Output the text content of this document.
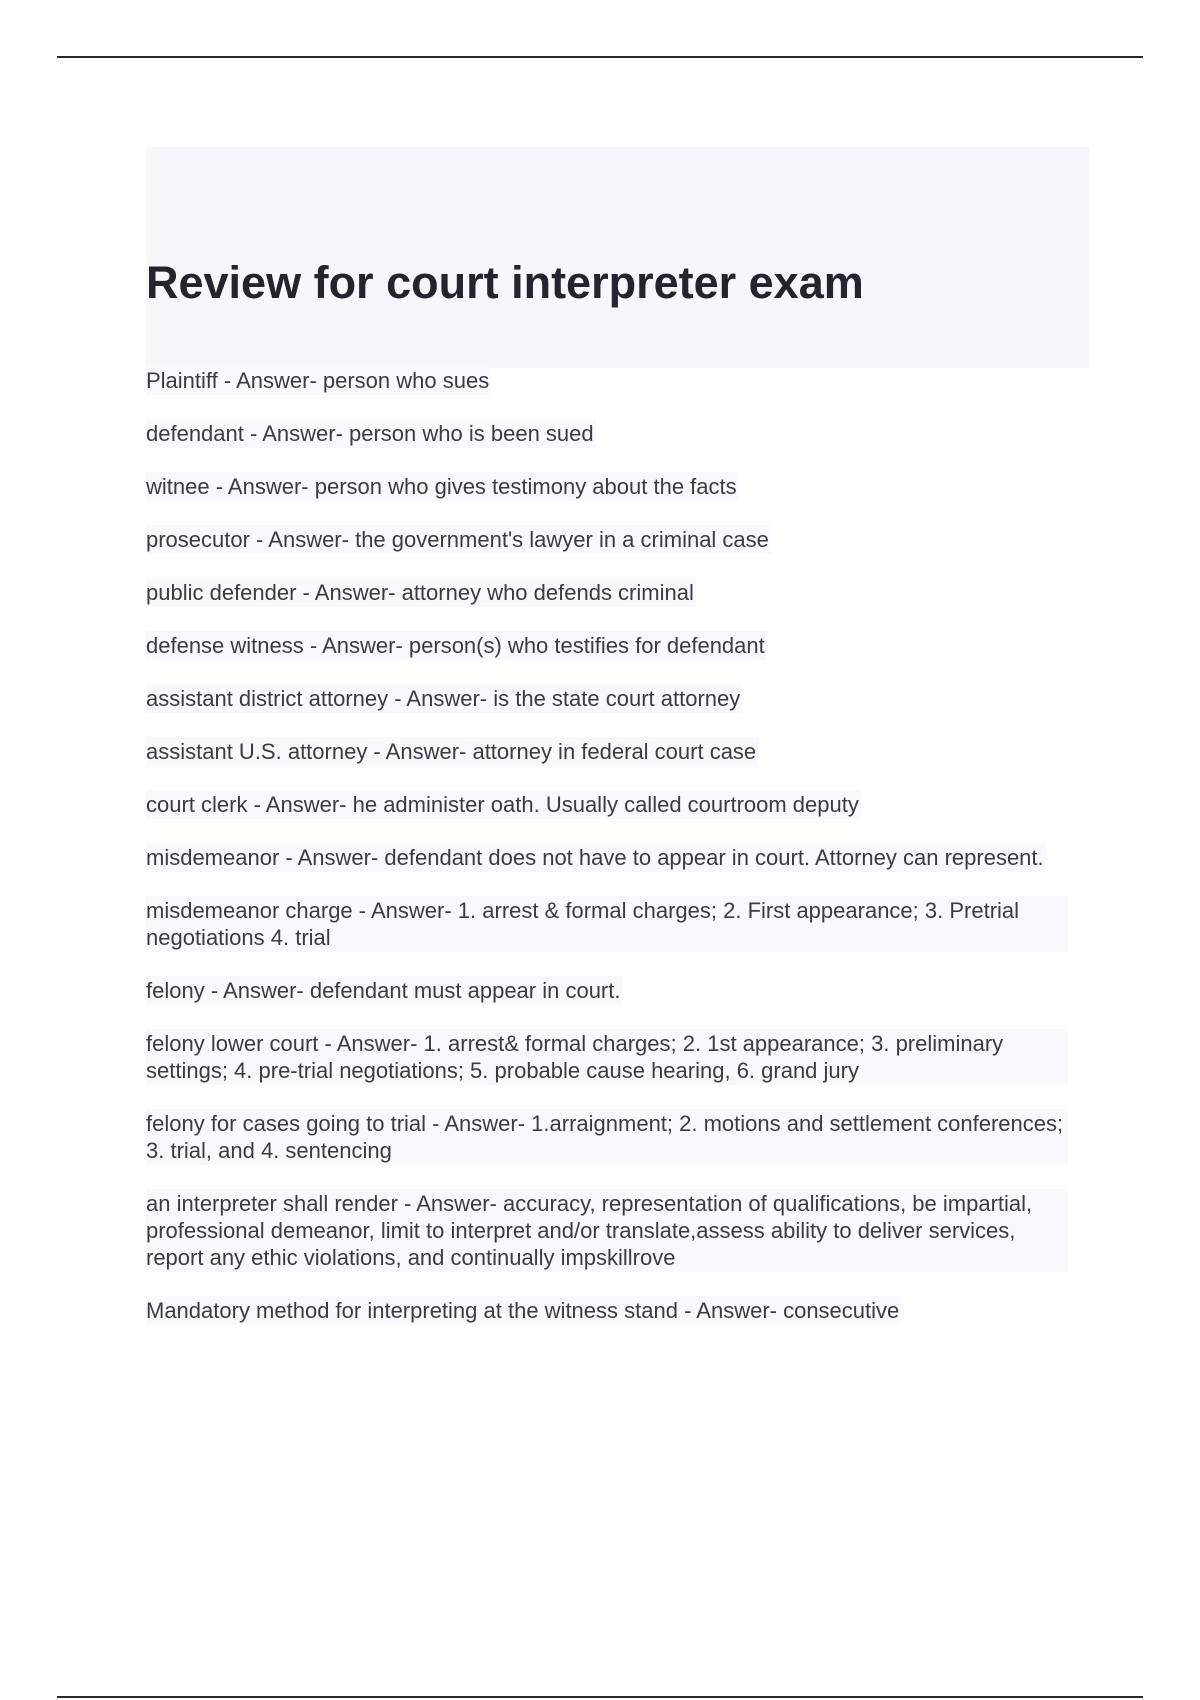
Review for court interpreter exam
Plaintiff - Answer- person who sues
defendant - Answer- person who is been sued
witnee - Answer- person who gives testimony about the facts
prosecutor - Answer- the government's lawyer in a criminal case
public defender - Answer- attorney who defends criminal
defense witness - Answer- person(s) who testifies for defendant
assistant district attorney - Answer- is the state court attorney
assistant U.S. attorney - Answer- attorney in federal court case
court clerk - Answer- he administer oath. Usually called courtroom deputy
misdemeanor - Answer- defendant does not have to appear in court. Attorney can represent.
misdemeanor charge - Answer- 1. arrest & formal charges; 2. First appearance; 3. Pretrial negotiations 4. trial
felony - Answer- defendant must appear in court.
felony lower court - Answer- 1. arrest& formal charges; 2. 1st appearance; 3. preliminary settings; 4. pre-trial negotiations; 5. probable cause hearing, 6. grand jury
felony for cases going to trial - Answer- 1.arraignment; 2. motions and settlement conferences; 3. trial, and 4. sentencing
an interpreter shall render - Answer- accuracy, representation of qualifications, be impartial, professional demeanor, limit to interpret and/or translate,assess ability to deliver services, report any ethic violations, and continually impskillrove
Mandatory method for interpreting at the witness stand - Answer- consecutive
